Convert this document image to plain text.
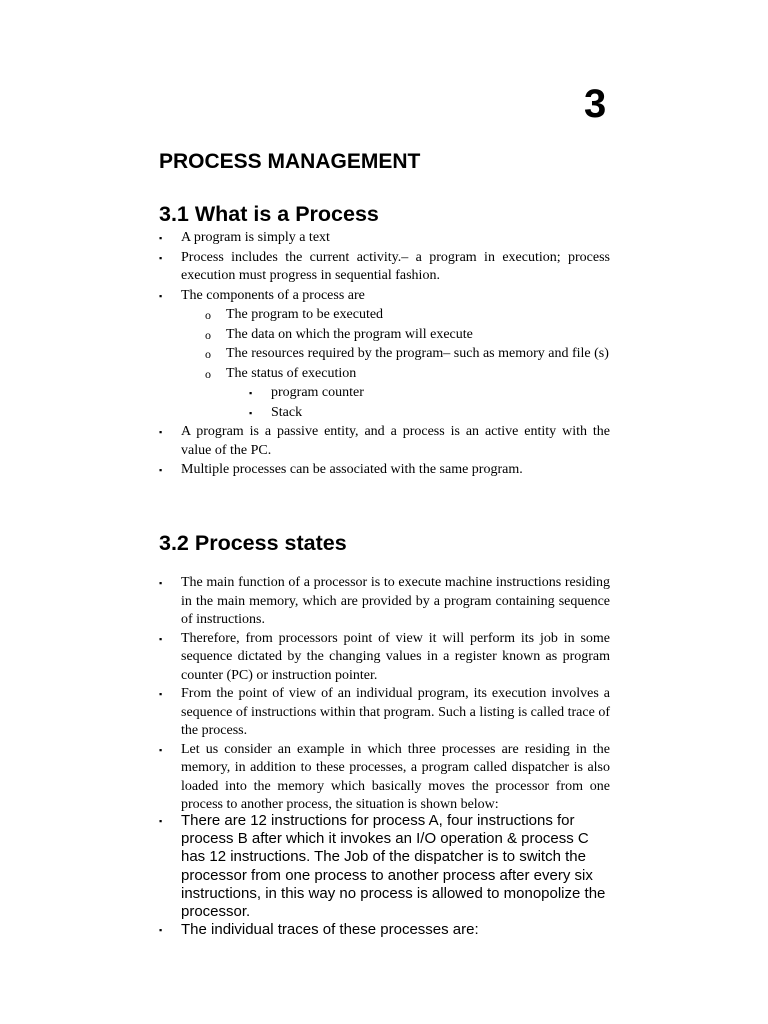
3
PROCESS MANAGEMENT
3.1 What is a Process
▪ A program is simply a text
▪ Process includes the current activity.– a program in execution; process execution must progress in sequential fashion.
▪ The components of a process are
o The program to be executed
o The data on which the program will execute
o The resources required by the program– such as memory and file (s)
o The status of execution
▪ program counter
▪ Stack
▪ A program is a passive entity, and a process is an active entity with the value of the PC.
▪ Multiple processes can be associated with the same program.
3.2 Process states
▪ The main function of a processor is to execute machine instructions residing in the main memory, which are provided by a program containing sequence of instructions.
▪ Therefore, from processors point of view it will perform its job in some sequence dictated by the changing values in a register known as program counter (PC) or instruction pointer.
▪ From the point of view of an individual program, its execution involves a sequence of instructions within that program. Such a listing is called trace of the process.
▪ Let us consider an example in which three processes are residing in the memory, in addition to these processes, a program called dispatcher is also loaded into the memory which basically moves the processor from one process to another process, the situation is shown below:
▪ There are 12 instructions for process A, four instructions for process B after which it invokes an I/O operation & process C has 12 instructions. The Job of the dispatcher is to switch the processor from one process to another process after every six instructions, in this way no process is allowed to monopolize the processor.
▪ The individual traces of these processes are:
